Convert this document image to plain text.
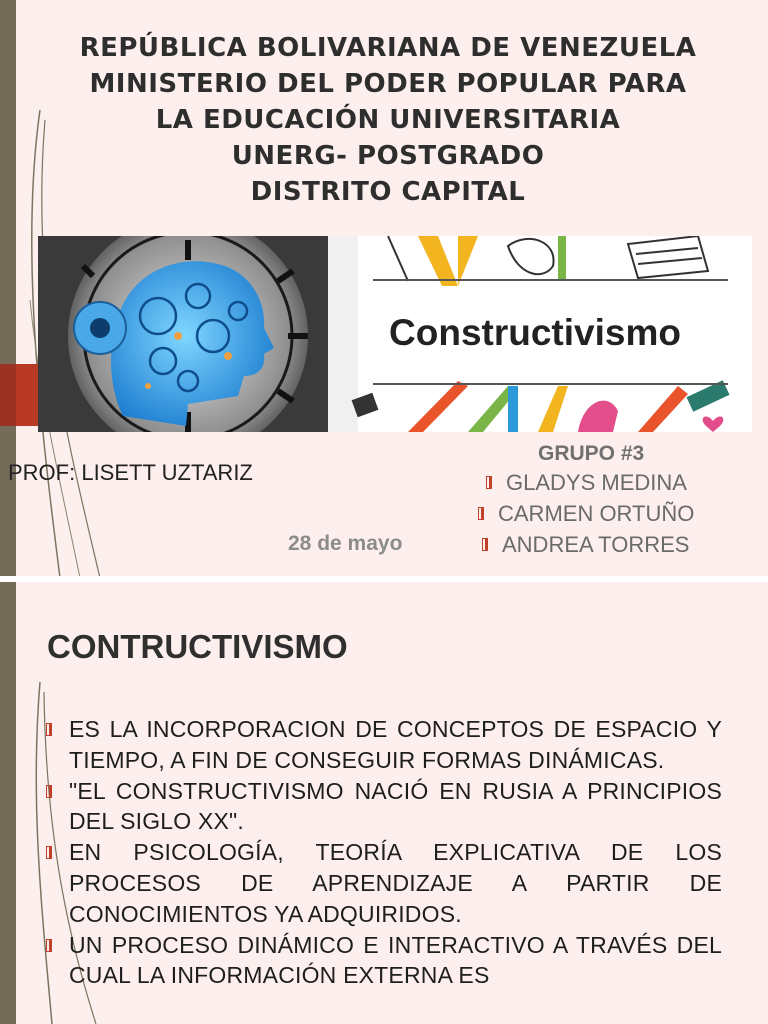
REPÚBLICA BOLIVARIANA DE VENEZUELA
MINISTERIO DEL PODER POPULAR PARA
LA EDUCACIÓN UNIVERSITARIA
UNERG- POSTGRADO
DISTRITO CAPITAL
Constructivismo
PROF: LISETT UZTARIZ
GRUPO #3
GLADYS MEDINA
CARMEN ORTUÑO
ANDREA TORRES
28 de mayo
CONTRUCTIVISMO
ES LA INCORPORACION DE CONCEPTOS DE ESPACIO Y TIEMPO, A FIN DE CONSEGUIR FORMAS DINÁMICAS.
"EL CONSTRUCTIVISMO NACIÓ EN RUSIA A PRINCIPIOS DEL SIGLO XX".
EN PSICOLOGÍA, TEORÍA EXPLICATIVA DE LOS PROCESOS DE APRENDIZAJE A PARTIR DE CONOCIMIENTOS YA ADQUIRIDOS.
UN PROCESO DINÁMICO E INTERACTIVO A TRAVÉS DEL CUAL LA INFORMACIÓN EXTERNA ES
